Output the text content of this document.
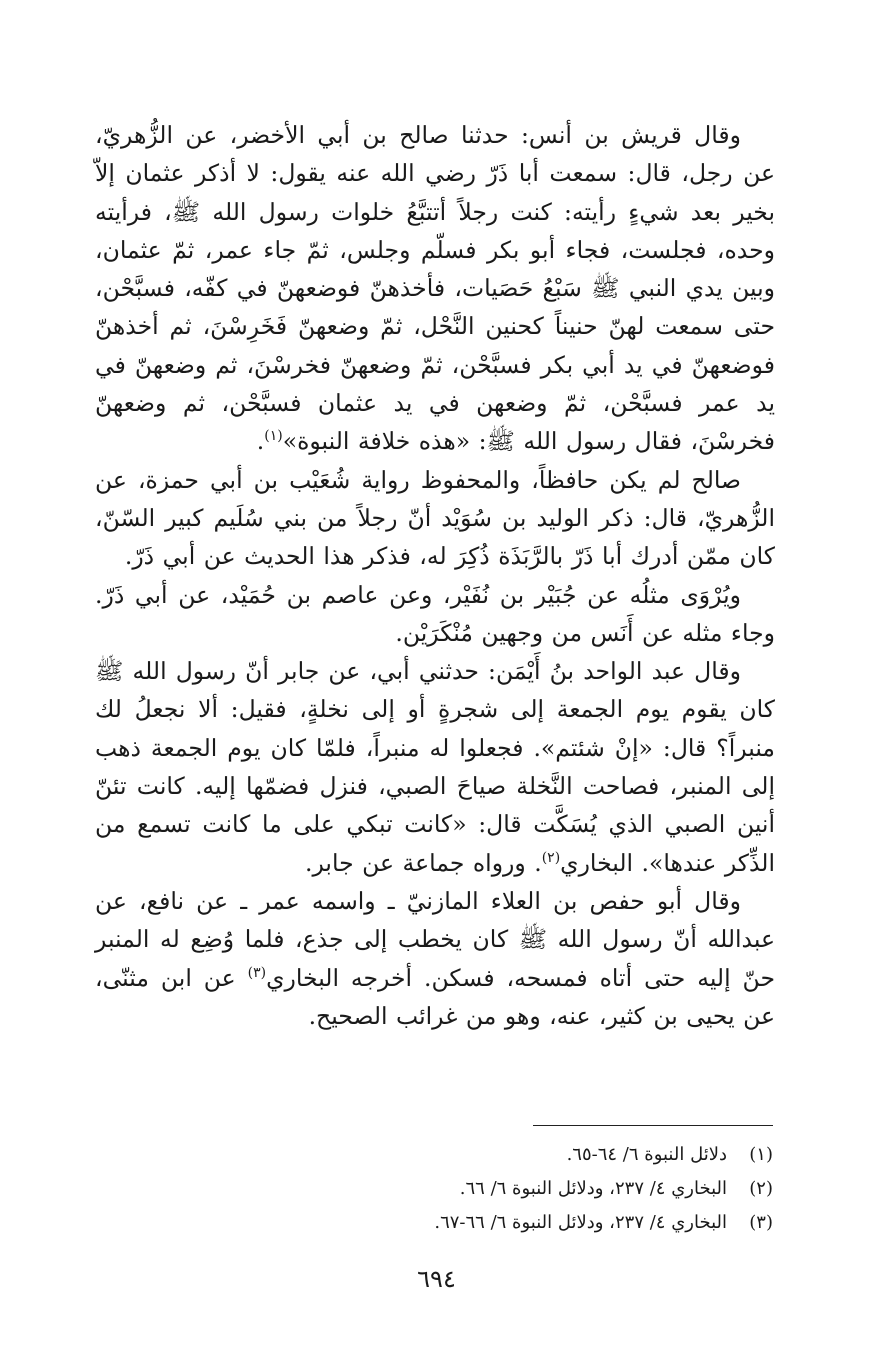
وقال قريش بن أنس: حدثنا صالح بن أبي الأخضر، عن الزُّهريّ، عن رجل، قال: سمعت أبا ذَرّ رضي الله عنه يقول: لا أذكر عثمان إلاّ بخير بعد شيءٍ رأيته: كنت رجلاً أتتبَّعُ خلوات رسول الله ﷺ، فرأيته وحده، فجلست، فجاء أبو بكر فسلّم وجلس، ثمّ جاء عمر، ثمّ عثمان، وبين يدي النبي ﷺ سَبْعُ حَصَيات، فأخذهنّ فوضعهنّ في كفّه، فسبَّحْن، حتى سمعت لهنّ حنيناً كحنين النَّحْل، ثمّ وضعهنّ فَخَرِسْنَ، ثم أخذهنّ فوضعهنّ في يد أبي بكر فسبَّحْن، ثمّ وضعهنّ فخرسْنَ، ثم وضعهنّ في يد عمر فسبَّحْن، ثمّ وضعهن في يد عثمان فسبَّحْن، ثم وضعهنّ فخرسْنَ، فقال رسول الله ﷺ: «هذه خلافة النبوة»$^{(١)}$.

صالح لم يكن حافظاً، والمحفوظ رواية شُعَيْب بن أبي حمزة، عن الزُّهريّ، قال: ذكر الوليد بن سُوَيْد أنّ رجلاً من بني سُلَيم كبير السّنّ، كان ممّن أدرك أبا ذَرّ بالرَّبَذَة ذُكِرَ له، فذكر هذا الحديث عن أبي ذَرّ.

ويُرْوَى مثلُه عن جُبَيْر بن نُفَيْر، وعن عاصم بن حُمَيْد، عن أبي ذَرّ. وجاء مثله عن أَنَس من وجهين مُنْكَرَيْن.

وقال عبد الواحد بنُ أَيْمَن: حدثني أبي، عن جابر أنّ رسول الله ﷺ كان يقوم يوم الجمعة إلى شجرةٍ أو إلى نخلةٍ، فقيل: ألا نجعلُ لك منبراً؟ قال: «إنْ شئتم». فجعلوا له منبراً، فلمّا كان يوم الجمعة ذهب إلى المنبر، فصاحت النَّخلة صياحَ الصبي، فنزل فضمّها إليه. كانت تئنّ أنين الصبي الذي يُسَكَّت قال: «كانت تبكي على ما كانت تسمع من الذِّكر عندها». البخاري$^{(٢)}$. ورواه جماعة عن جابر.

وقال أبو حفص بن العلاء المازنيّ ـ واسمه عمر ـ عن نافع، عن عبدالله أنّ رسول الله ﷺ كان يخطب إلى جذع، فلما وُضِع له المنبر حنّ إليه حتى أتاه فمسحه، فسكن. أخرجه البخاري$^{(٣)}$ عن ابن مثنّى، عن يحيى بن كثير، عنه، وهو من غرائب الصحيح.

(١)
دلائل النبوة ٦/ ٦٤-٦٥.
(٢)
البخاري ٤/ ٢٣٧، ودلائل النبوة ٦/ ٦٦.
(٣)
البخاري ٤/ ٢٣٧، ودلائل النبوة ٦/ ٦٦-٦٧.
٦٩٤
